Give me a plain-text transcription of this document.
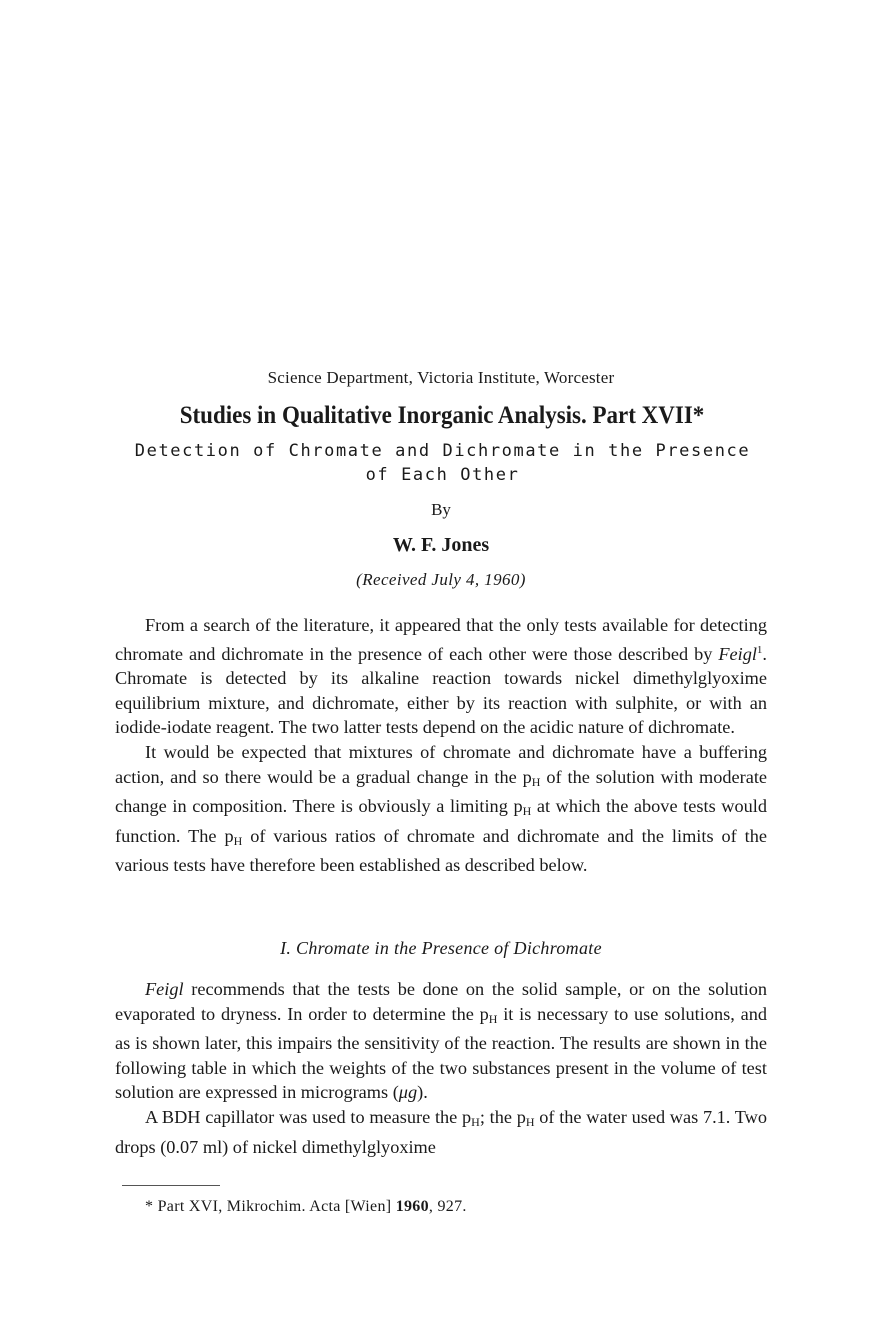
Science Department, Victoria Institute, Worcester
Studies in Qualitative Inorganic Analysis. Part XVII*
Detection of Chromate and Dichromate in the Presence
of Each Other
By
W. F. Jones
(Received July 4, 1960)

From a search of the literature, it appeared that the only tests available for detecting chromate and dichromate in the presence of each other were those described by Feigl$^1$. Chromate is detected by its alkaline reaction towards nickel dimethylglyoxime equilibrium mixture, and dichromate, either by its reaction with sulphite, or with an iodide-iodate reagent. The two latter tests depend on the acidic nature of dichromate.

It would be expected that mixtures of chromate and dichromate have a buffering action, and so there would be a gradual change in the $p_H$ of the solution with moderate change in composition. There is obviously a limiting $p_H$ at which the above tests would function. The $p_H$ of various ratios of chromate and dichromate and the limits of the various tests have therefore been established as described below.

I. Chromate in the Presence of Dichromate

Feigl recommends that the tests be done on the solid sample, or on the solution evaporated to dryness. In order to determine the $p_H$ it is necessary to use solutions, and as is shown later, this impairs the sensitivity of the reaction. The results are shown in the following table in which the weights of the two substances present in the volume of test solution are expressed in micrograms (μg).

A BDH capillator was used to measure the $p_H$; the $p_H$ of the water used was 7.1. Two drops (0.07 ml) of nickel dimethylglyoxime

* Part XVI, Mikrochim. Acta [Wien] 1960, 927.
